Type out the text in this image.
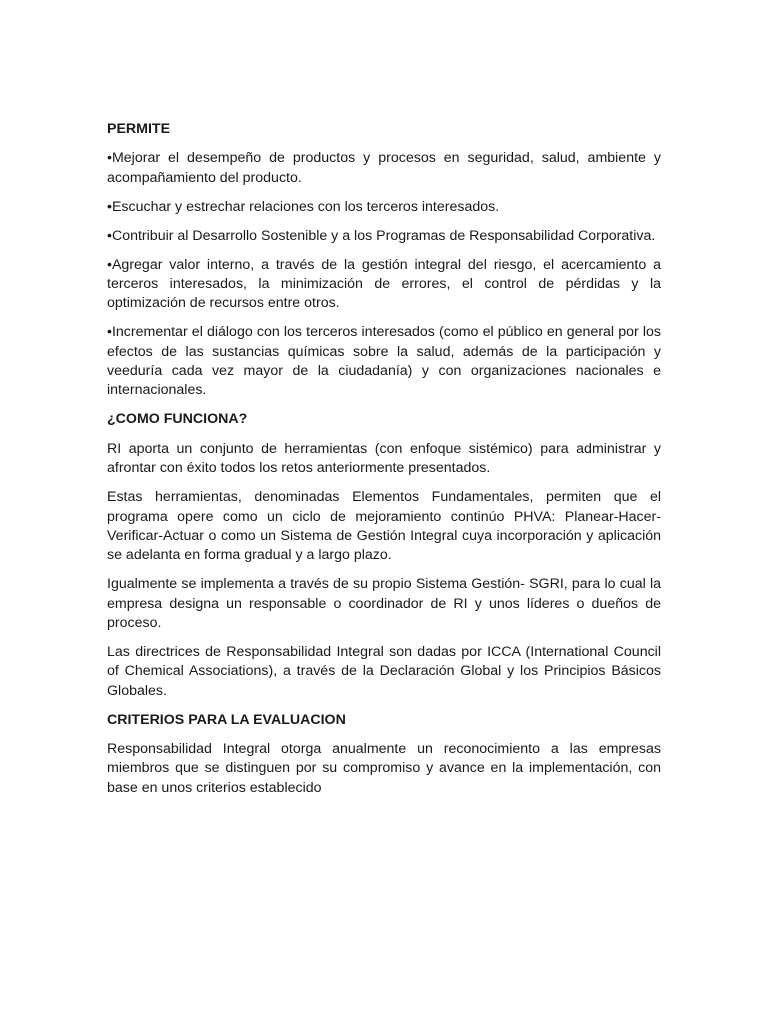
PERMITE
•Mejorar el desempeño de productos y procesos en seguridad, salud, ambiente y acompañamiento del producto.
•Escuchar y estrechar relaciones con los terceros interesados.
•Contribuir al Desarrollo Sostenible y a los Programas de Responsabilidad Corporativa.
•Agregar valor interno, a través de la gestión integral del riesgo, el acercamiento a terceros interesados, la minimización de errores, el control de pérdidas y la optimización de recursos entre otros.
•Incrementar el diálogo con los terceros interesados (como el público en general por los efectos de las sustancias químicas sobre la salud, además de la participación y veeduría cada vez mayor de la ciudadanía) y con organizaciones nacionales e internacionales.
¿COMO FUNCIONA?
RI aporta un conjunto de herramientas (con enfoque sistémico) para administrar y afrontar con éxito todos los retos anteriormente presentados.
Estas herramientas, denominadas Elementos Fundamentales, permiten que el programa opere como un ciclo de mejoramiento continúo PHVA: Planear-Hacer-Verificar-Actuar o como un Sistema de Gestión Integral cuya incorporación y aplicación se adelanta en forma gradual y a largo plazo.
Igualmente se implementa a través de su propio Sistema Gestión- SGRI, para lo cual la empresa designa un responsable o coordinador de RI y unos líderes o dueños de proceso.
Las directrices de Responsabilidad Integral son dadas por ICCA (International Council of Chemical Associations), a través de la Declaración Global y los Principios Básicos Globales.
CRITERIOS PARA LA EVALUACION
Responsabilidad Integral otorga anualmente un reconocimiento a las empresas miembros que se distinguen por su compromiso y avance en la implementación, con base en unos criterios establecido
